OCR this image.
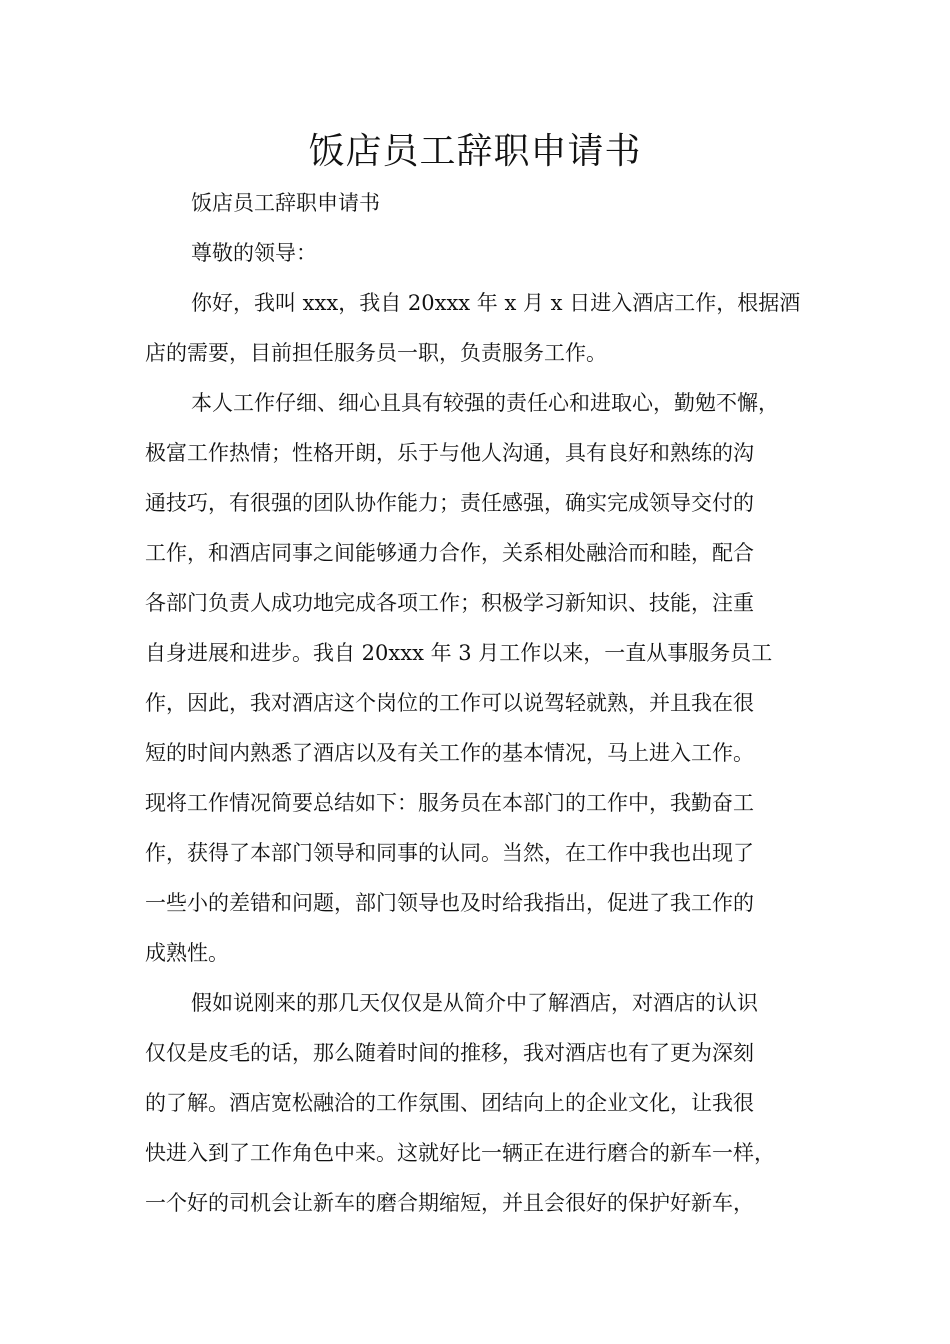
饭店员工辞职申请书

饭店员工辞职申请书

尊敬的领导：

你好，我叫 xxx，我自 20xxx 年 x 月 x 日进入酒店工作，根据酒
店的需要，目前担任服务员一职，负责服务工作。

本人工作仔细、细心且具有较强的责任心和进取心，勤勉不懈，
极富工作热情；性格开朗，乐于与他人沟通，具有良好和熟练的沟
通技巧，有很强的团队协作能力；责任感强，确实完成领导交付的
工作，和酒店同事之间能够通力合作，关系相处融洽而和睦，配合
各部门负责人成功地完成各项工作；积极学习新知识、技能，注重
自身进展和进步。我自 20xxx 年 3 月工作以来，一直从事服务员工
作，因此，我对酒店这个岗位的工作可以说驾轻就熟，并且我在很
短的时间内熟悉了酒店以及有关工作的基本情况，马上进入工作。
现将工作情况简要总结如下：服务员在本部门的工作中，我勤奋工
作，获得了本部门领导和同事的认同。当然，在工作中我也出现了
一些小的差错和问题，部门领导也及时给我指出，促进了我工作的
成熟性。

假如说刚来的那几天仅仅是从简介中了解酒店，对酒店的认识
仅仅是皮毛的话，那么随着时间的推移，我对酒店也有了更为深刻
的了解。酒店宽松融洽的工作氛围、团结向上的企业文化，让我很
快进入到了工作角色中来。这就好比一辆正在进行磨合的新车一样，
一个好的司机会让新车的磨合期缩短，并且会很好的保护好新车，
